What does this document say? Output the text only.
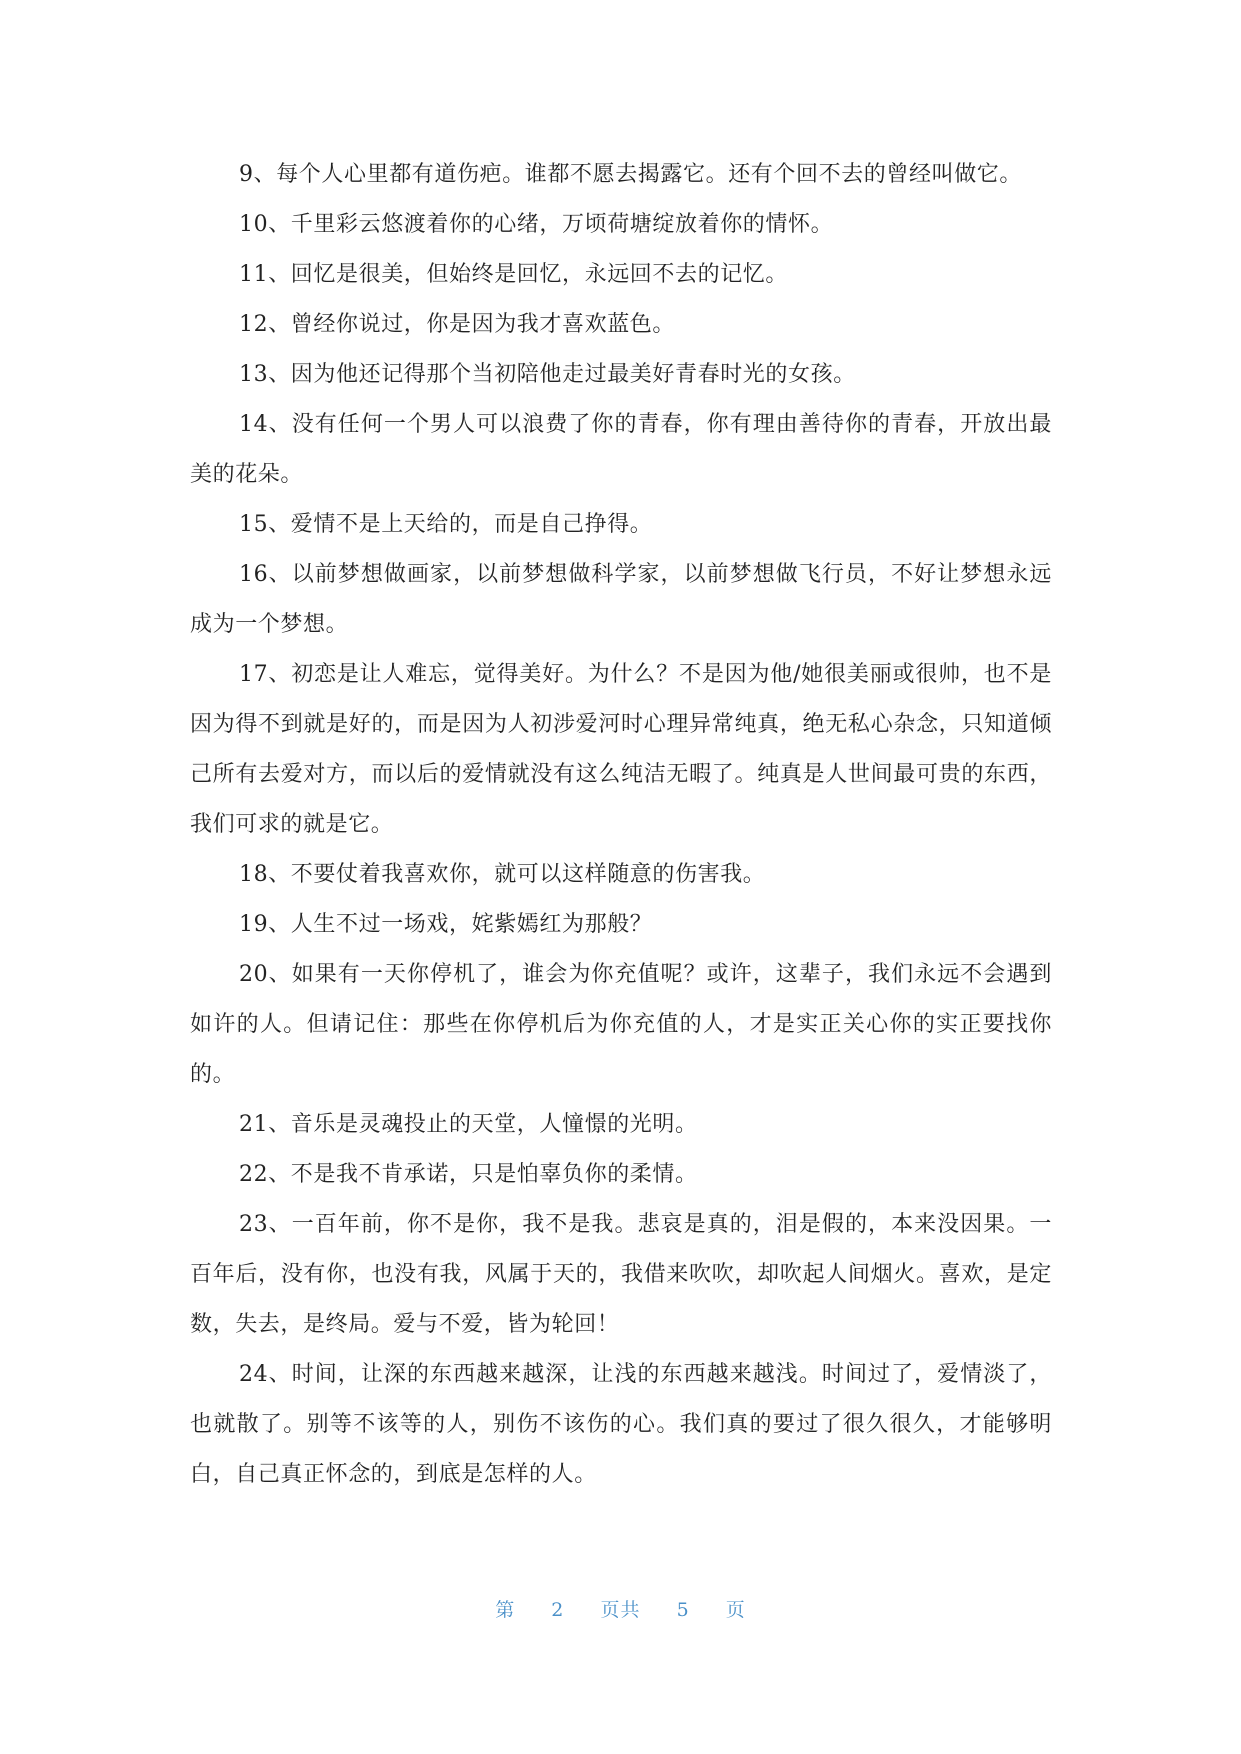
9、每个人心里都有道伤疤。谁都不愿去揭露它。还有个回不去的曾经叫做它。

10、千里彩云悠渡着你的心绪，万顷荷塘绽放着你的情怀。

11、回忆是很美，但始终是回忆，永远回不去的记忆。

12、曾经你说过，你是因为我才喜欢蓝色。

13、因为他还记得那个当初陪他走过最美好青春时光的女孩。

14、没有任何一个男人可以浪费了你的青春，你有理由善待你的青春，开放出最美的花朵。

15、爱情不是上天给的，而是自己挣得。

16、以前梦想做画家，以前梦想做科学家，以前梦想做飞行员，不好让梦想永远成为一个梦想。

17、初恋是让人难忘，觉得美好。为什么？不是因为他/她很美丽或很帅，也不是因为得不到就是好的，而是因为人初涉爱河时心理异常纯真，绝无私心杂念，只知道倾己所有去爱对方，而以后的爱情就没有这么纯洁无暇了。纯真是人世间最可贵的东西，我们可求的就是它。

18、不要仗着我喜欢你，就可以这样随意的伤害我。

19、人生不过一场戏，姹紫嫣红为那般？

20、如果有一天你停机了，谁会为你充值呢？或许，这辈子，我们永远不会遇到如许的人。但请记住：那些在你停机后为你充值的人，才是实正关心你的实正要找你的。

21、音乐是灵魂投止的天堂，人憧憬的光明。

22、不是我不肯承诺，只是怕辜负你的柔情。

23、一百年前，你不是你，我不是我。悲哀是真的，泪是假的，本来没因果。一百年后，没有你，也没有我，风属于天的，我借来吹吹，却吹起人间烟火。喜欢，是定数，失去，是终局。爱与不爱，皆为轮回！

24、时间，让深的东西越来越深，让浅的东西越来越浅。时间过了，爱情淡了，也就散了。别等不该等的人，别伤不该伤的心。我们真的要过了很久很久，才能够明白，自己真正怀念的，到底是怎样的人。

第 2 页共 5 页
